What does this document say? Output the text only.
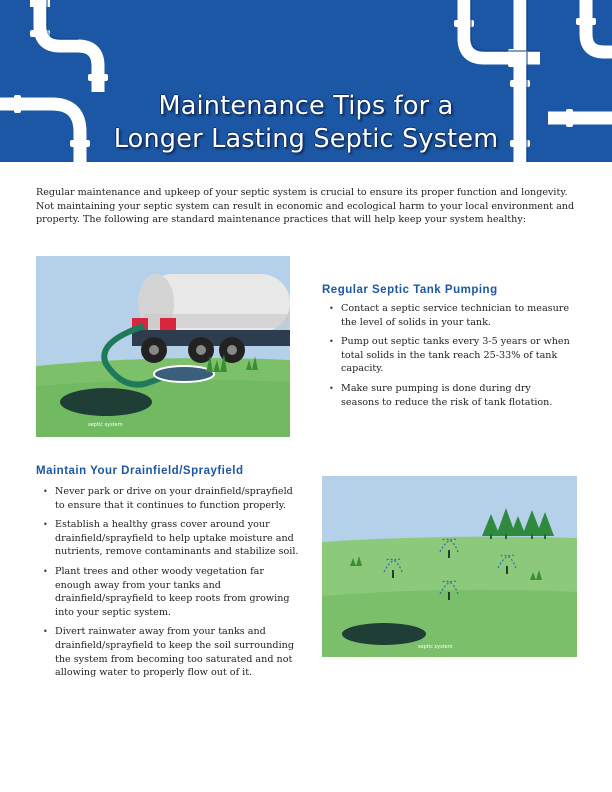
Maintenance Tips for a
Longer Lasting Septic System

Regular maintenance and upkeep of your septic system is crucial to ensure its proper function and longevity. Not maintaining your septic system can result in economic and ecological harm to your local environment and property. The following are standard maintenance practices that will help keep your system healthy:

septic system
Regular Septic Tank Pumping
• Contact a septic service technician to measure the level of solids in your tank.
• Pump out septic tanks every 3-5 years or when total solids in the tank reach 25-33% of tank capacity.
• Make sure pumping is done during dry seasons to reduce the risk of tank flotation.
Maintain Your Drainfield/Sprayfield
• Never park or drive on your drainfield/sprayfield to ensure that it continues to function properly.
• Establish a healthy grass cover around your drainfield/sprayfield to help uptake moisture and nutrients, remove contaminants and stabilize soil.
• Plant trees and other woody vegetation far enough away from your tanks and drainfield/sprayfield to keep roots from growing into your septic system.
• Divert rainwater away from your tanks and drainfield/sprayfield to keep the soil surrounding the system from becoming too saturated and not allowing water to properly flow out of it.
septic system
